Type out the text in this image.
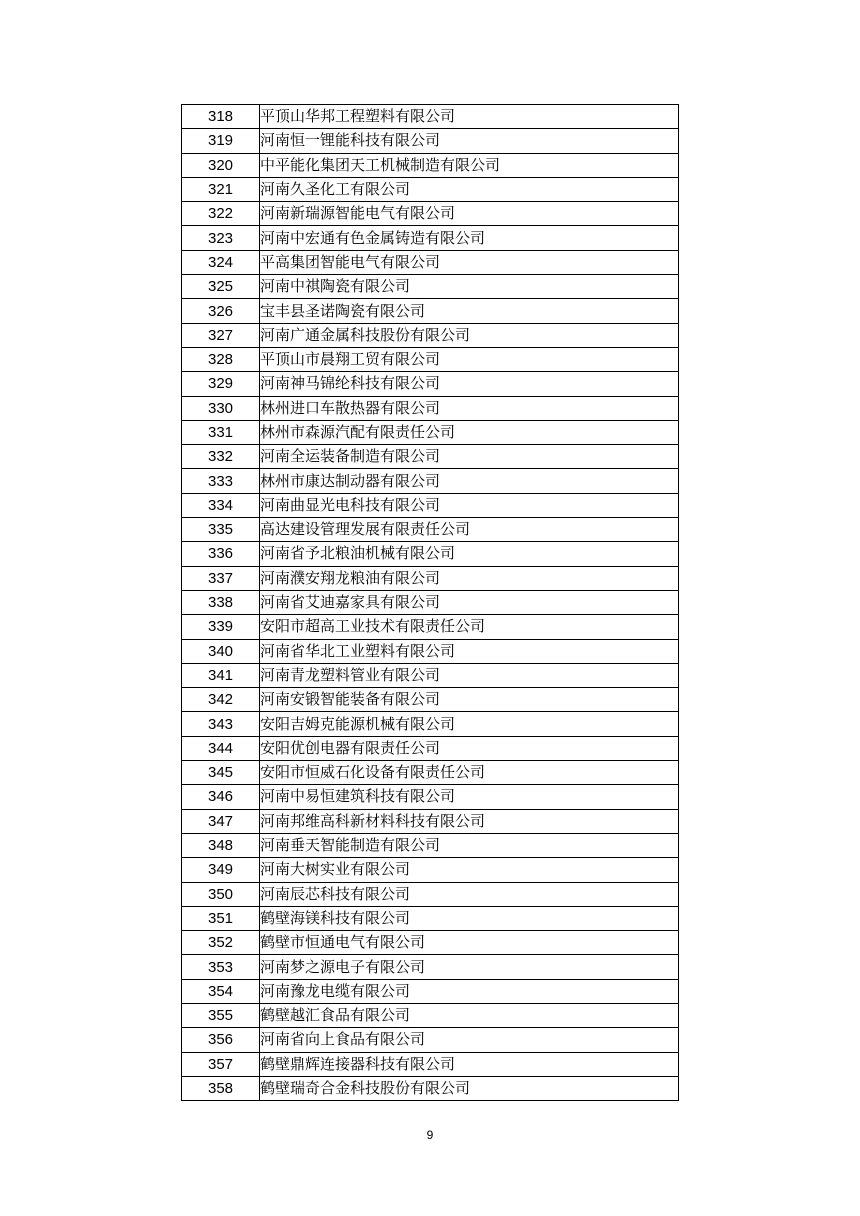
318	平顶山华邦工程塑料有限公司
319	河南恒一锂能科技有限公司
320	中平能化集团天工机械制造有限公司
321	河南久圣化工有限公司
322	河南新瑞源智能电气有限公司
323	河南中宏通有色金属铸造有限公司
324	平高集团智能电气有限公司
325	河南中祺陶瓷有限公司
326	宝丰县圣诺陶瓷有限公司
327	河南广通金属科技股份有限公司
328	平顶山市晨翔工贸有限公司
329	河南神马锦纶科技有限公司
330	林州进口车散热器有限公司
331	林州市森源汽配有限责任公司
332	河南全运装备制造有限公司
333	林州市康达制动器有限公司
334	河南曲显光电科技有限公司
335	高达建设管理发展有限责任公司
336	河南省予北粮油机械有限公司
337	河南濮安翔龙粮油有限公司
338	河南省艾迪嘉家具有限公司
339	安阳市超高工业技术有限责任公司
340	河南省华北工业塑料有限公司
341	河南青龙塑料管业有限公司
342	河南安锻智能装备有限公司
343	安阳吉姆克能源机械有限公司
344	安阳优创电器有限责任公司
345	安阳市恒威石化设备有限责任公司
346	河南中易恒建筑科技有限公司
347	河南邦维高科新材料科技有限公司
348	河南垂天智能制造有限公司
349	河南大树实业有限公司
350	河南辰芯科技有限公司
351	鹤壁海镁科技有限公司
352	鹤壁市恒通电气有限公司
353	河南梦之源电子有限公司
354	河南豫龙电缆有限公司
355	鹤壁越汇食品有限公司
356	河南省向上食品有限公司
357	鹤壁鼎辉连接器科技有限公司
358	鹤壁瑞奇合金科技股份有限公司
9
